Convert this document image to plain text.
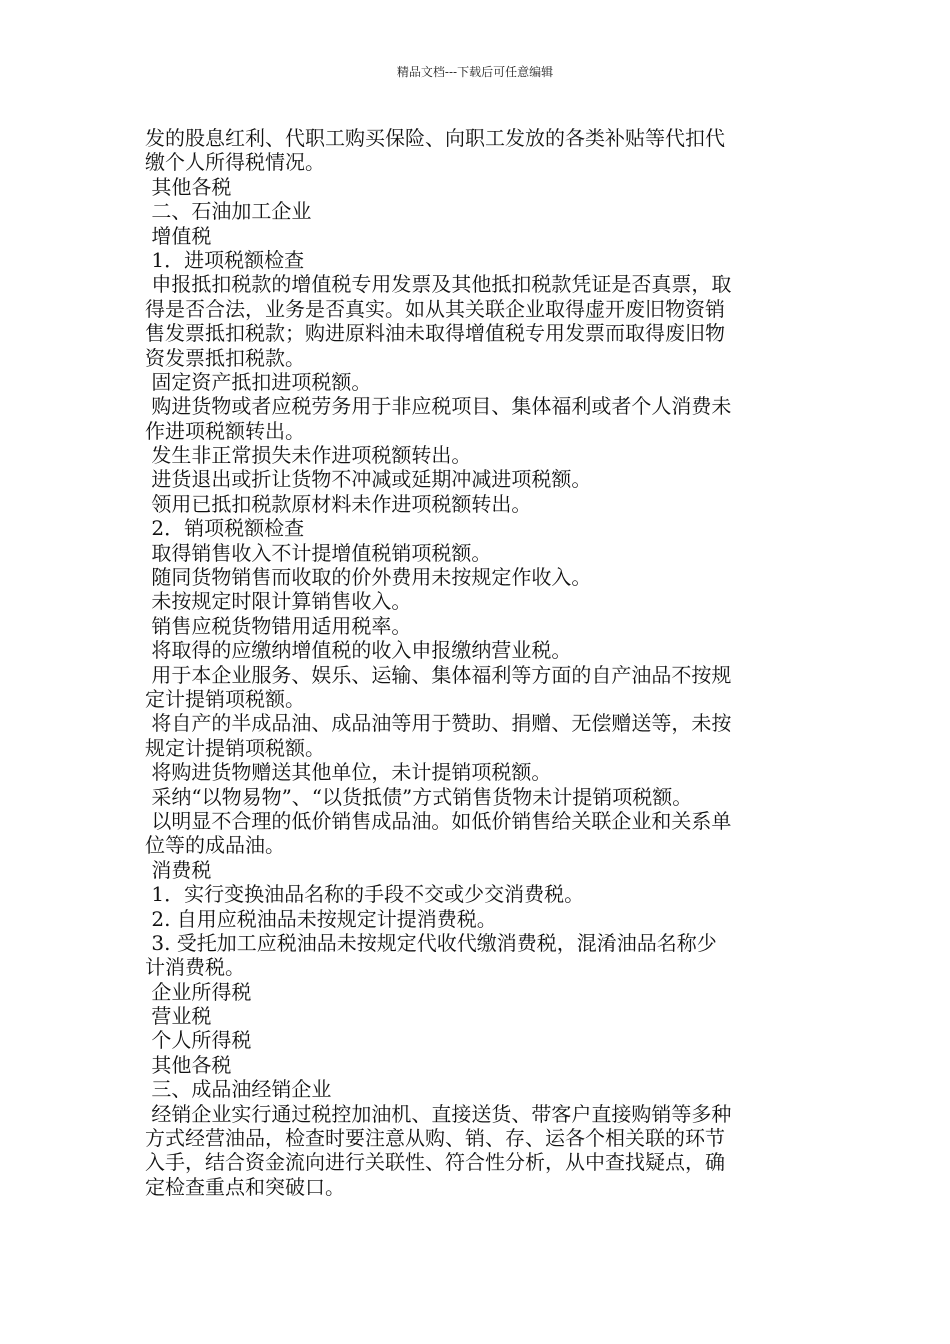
精品文档---下载后可任意编辑
发的股息红利、代职工购买保险、向职工发放的各类补贴等代扣代
缴个人所得税情况。
其他各税
二、石油加工企业
增值税
1．进项税额检查
申报抵扣税款的增值税专用发票及其他抵扣税款凭证是否真票，取
得是否合法，业务是否真实。如从其关联企业取得虚开废旧物资销
售发票抵扣税款；购进原料油未取得增值税专用发票而取得废旧物
资发票抵扣税款。
固定资产抵扣进项税额。
购进货物或者应税劳务用于非应税项目、集体福利或者个人消费未
作进项税额转出。
发生非正常损失未作进项税额转出。
进货退出或折让货物不冲减或延期冲减进项税额。
领用已抵扣税款原材料未作进项税额转出。
2．销项税额检查
取得销售收入不计提增值税销项税额。
随同货物销售而收取的价外费用未按规定作收入。
未按规定时限计算销售收入。
销售应税货物错用适用税率。
将取得的应缴纳增值税的收入申报缴纳营业税。
用于本企业服务、娱乐、运输、集体福利等方面的自产油品不按规
定计提销项税额。
将自产的半成品油、成品油等用于赞助、捐赠、无偿赠送等，未按
规定计提销项税额。
将购进货物赠送其他单位，未计提销项税额。
采纳“以物易物”、“以货抵债”方式销售货物未计提销项税额。
以明显不合理的低价销售成品油。如低价销售给关联企业和关系单
位等的成品油。
消费税
1．实行变换油品名称的手段不交或少交消费税。
2. 自用应税油品未按规定计提消费税。
3. 受托加工应税油品未按规定代收代缴消费税，混淆油品名称少
计消费税。
企业所得税
营业税
个人所得税
其他各税
三、成品油经销企业
经销企业实行通过税控加油机、直接送货、带客户直接购销等多种
方式经营油品，检查时要注意从购、销、存、运各个相关联的环节
入手，结合资金流向进行关联性、符合性分析，从中查找疑点，确
定检查重点和突破口。
